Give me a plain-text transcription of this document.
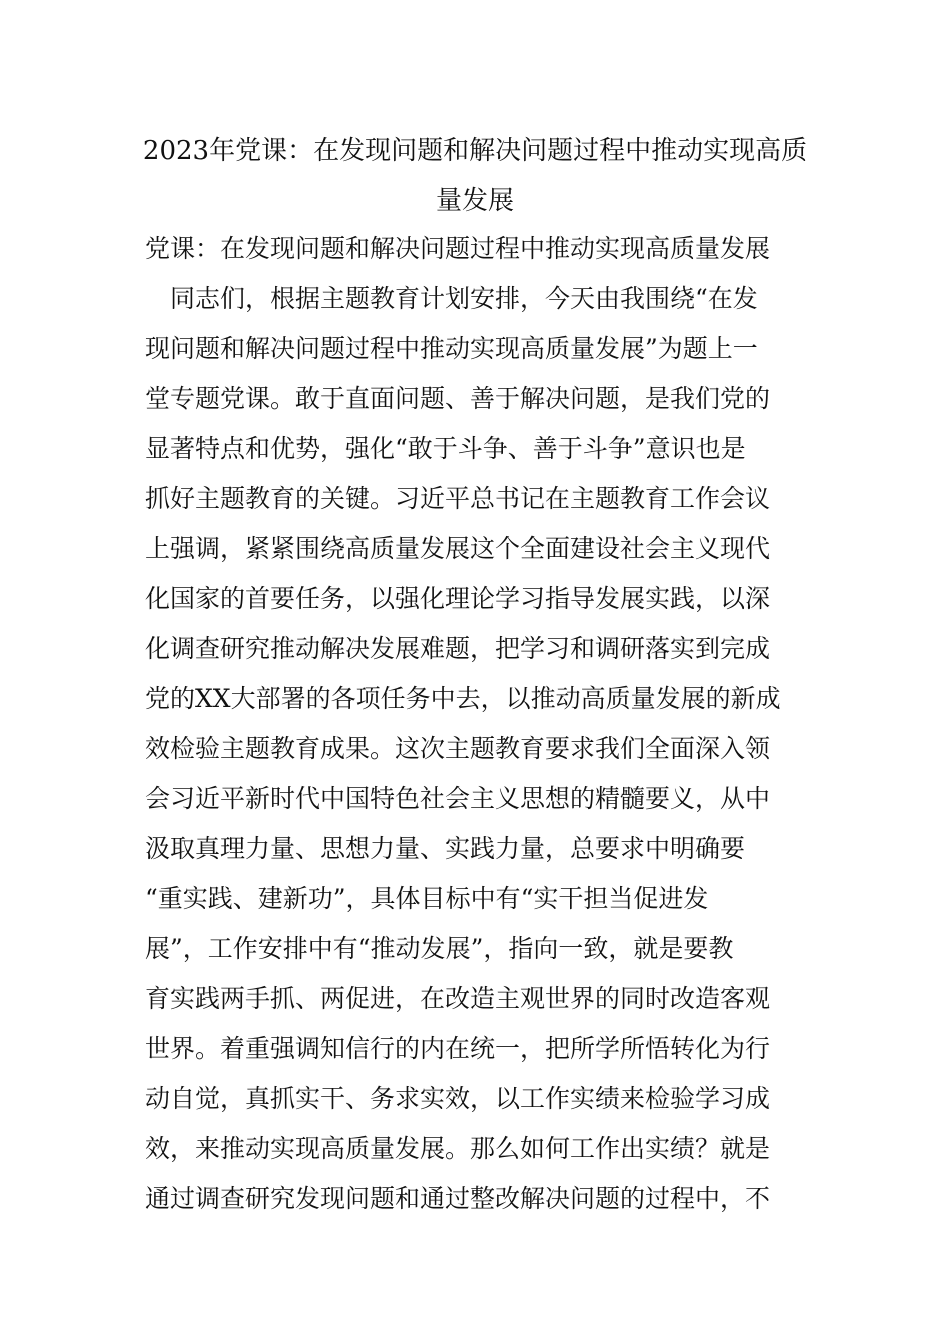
2023年党课：在发现问题和解决问题过程中推动实现高质
量发展

党课：在发现问题和解决问题过程中推动实现高质量发展

　同志们，根据主题教育计划安排，今天由我围绕“在发

现问题和解决问题过程中推动实现高质量发展”为题上一

堂专题党课。敢于直面问题、善于解决问题，是我们党的

显著特点和优势，强化“敢于斗争、善于斗争”意识也是

抓好主题教育的关键。习近平总书记在主题教育工作会议

上强调，紧紧围绕高质量发展这个全面建设社会主义现代

化国家的首要任务，以强化理论学习指导发展实践，以深

化调查研究推动解决发展难题，把学习和调研落实到完成

党的XX大部署的各项任务中去，以推动高质量发展的新成

效检验主题教育成果。这次主题教育要求我们全面深入领

会习近平新时代中国特色社会主义思想的精髓要义，从中

汲取真理力量、思想力量、实践力量，总要求中明确要

“重实践、建新功”，具体目标中有“实干担当促进发

展”，工作安排中有“推动发展”，指向一致，就是要教

育实践两手抓、两促进，在改造主观世界的同时改造客观

世界。着重强调知信行的内在统一，把所学所悟转化为行

动自觉，真抓实干、务求实效，以工作实绩来检验学习成

效，来推动实现高质量发展。那么如何工作出实绩？就是

通过调查研究发现问题和通过整改解决问题的过程中，不
